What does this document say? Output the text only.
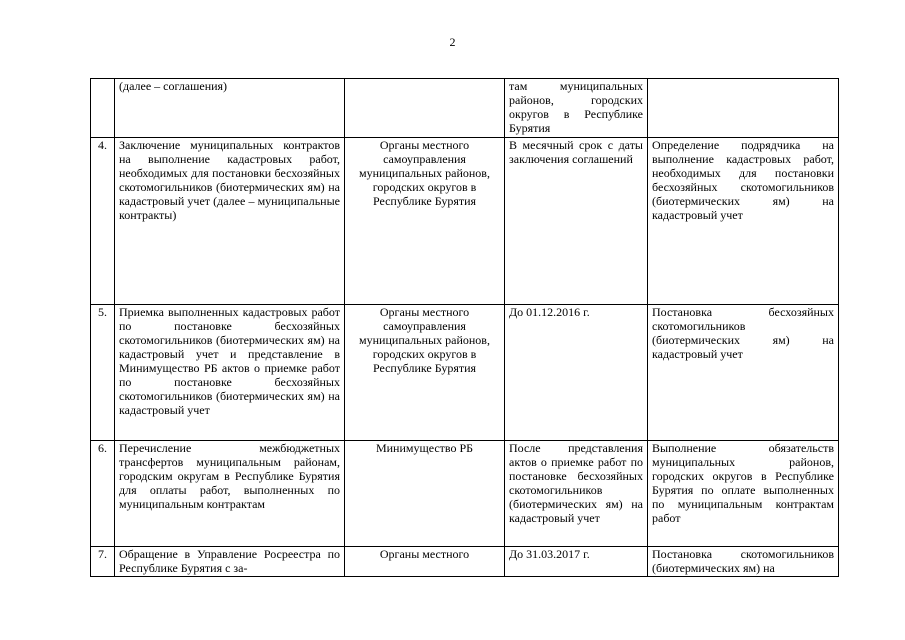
2
	(далее – соглашения)		там муниципальных районов, городских округов в Республике Бурятия	
4.	Заключение муниципальных контрактов на выполнение кадастровых работ, необходимых для постановки бесхозяйных скотомогильников (биотермических ям) на кадастровый учет (далее – муниципальные контракты)	Органы местного самоуправления муниципальных районов, городских округов в Республике Бурятия	В месячный срок с даты заключения соглашений	Определение подрядчика на выполнение кадастровых работ, необходимых для постановки бесхозяйных скотомогильников (биотермических ям) на кадастровый учет
5.	Приемка выполненных кадастровых работ по постановке бесхозяйных скотомогильников (биотермических ям) на кадастровый учет и представление в Минимущество РБ актов о приемке работ по постановке бесхозяйных скотомогильников (биотермических ям) на кадастровый учет	Органы местного самоуправления муниципальных районов, городских округов в Республике Бурятия	До 01.12.2016 г.	Постановка бесхозяйных скотомогильников (биотермических ям) на кадастровый учет
6.	Перечисление межбюджетных трансфертов муниципальным районам, городским округам в Республике Бурятия для оплаты работ, выполненных по муниципальным контрактам	Минимущество РБ	После представления актов о приемке работ по постановке бесхозяйных скотомогильников (биотермических ям) на кадастровый учет	Выполнение обязательств муниципальных районов, городских округов в Республике Бурятия по оплате выполненных по муниципальным контрактам работ
7.	Обращение в Управление Росреестра по Республике Бурятия с за-	Органы местного	До 31.03.2017 г.	Постановка скотомогильников (биотермических ям) на
